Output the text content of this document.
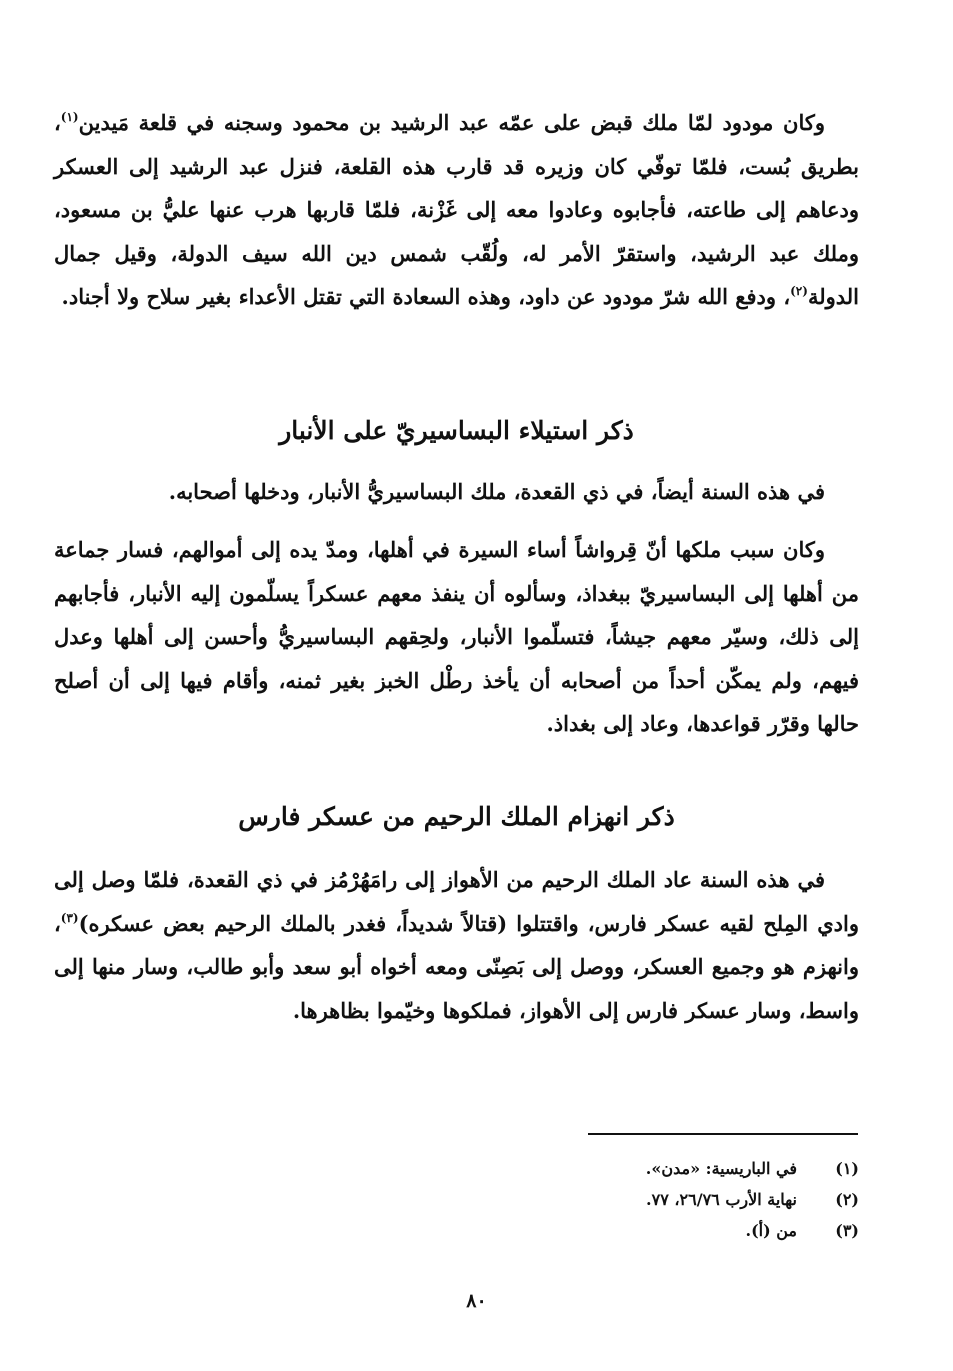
وكان مودود لمّا ملك قبض على عمّه عبد الرشيد بن محمود وسجنه في قلعة مَيدين$^{(١)}$، بطريق بُست، فلمّا توفّي كان وزيره قد قارب هذه القلعة، فنزل عبد الرشيد إلى العسكر ودعاهم إلى طاعته، فأجابوه وعادوا معه إلى غَزْنة، فلمّا قاربها هرب عنها عليُّ بن مسعود، وملك عبد الرشيد، واستقرّ الأمر له، ولُقّب شمس دين الله سيف الدولة، وقيل جمال الدولة$^{(٢)}$، ودفع الله شرّ مودود عن داود، وهذه السعادة التي تقتل الأعداء بغير سلاح ولا أجناد.

ذكر استيلاء البساسيريّ على الأنبار

في هذه السنة أيضاً، في ذي القعدة، ملك البساسيريُّ الأنبار، ودخلها أصحابه.

وكان سبب ملكها أنّ قِرواشاً أساء السيرة في أهلها، ومدّ يده إلى أموالهم، فسار جماعة من أهلها إلى البساسيريّ ببغداذ، وسألوه أن ينفذ معهم عسكراً يسلّمون إليه الأنبار، فأجابهم إلى ذلك، وسيّر معهم جيشاً، فتسلّموا الأنبار، ولحِقهم البساسيريُّ وأحسن إلى أهلها وعدل فيهم، ولم يمكّن أحداً من أصحابه أن يأخذ رطْل الخبز بغير ثمنه، وأقام فيها إلى أن أصلح حالها وقرّر قواعدها، وعاد إلى بغداذ.

ذكر انهزام الملك الرحيم من عسكر فارس

في هذه السنة عاد الملك الرحيم من الأهواز إلى رامَهُرْمُز في ذي القعدة، فلمّا وصل إلى وادي المِلح لقيه عسكر فارس، واقتتلوا (قتالاً شديداً، فغدر بالملك الرحيم بعض عسكره)$^{(٣)}$، وانهزم هو وجميع العسكر، ووصل إلى بَصِنّى ومعه أخواه أبو سعد وأبو طالب، وسار منها إلى واسط، وسار عسكر فارس إلى الأهواز، فملكوها وخيّموا بظاهرها.

(١)
في الباريسية: «مدن».
(٢)
نهاية الأرب ٢٦/٧٦، ٧٧.
(٣)
من (أ).
٨٠
